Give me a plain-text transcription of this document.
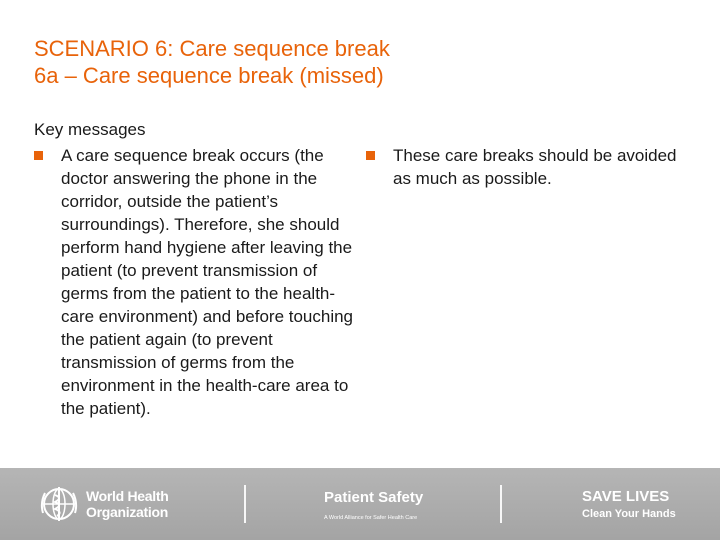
SCENARIO 6: Care sequence break
6a – Care sequence break (missed)
Key messages
A care sequence break occurs (the doctor answering the phone in the corridor, outside the patient’s surroundings). Therefore, she should perform hand hygiene after leaving the patient (to prevent transmission of germs from the patient to the health-care environment) and before touching the patient again (to prevent transmission of germs from the environment in the health-care area to the patient).
These care breaks should be avoided as much as possible.
World Health
Organization
Patient Safety
A World Alliance for Safer Health Care
SAVE LIVES
Clean Your Hands
